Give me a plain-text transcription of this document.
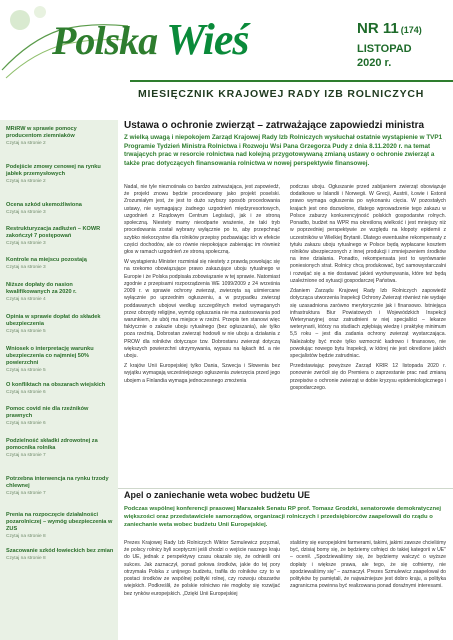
Polska Wieś	NR 11 (174)
LISTOPAD
2020 r.
MIESIĘCZNIK KRAJOWEJ RADY IZB ROLNICZYCH
MRiRW w sprawie pomocy producentom ziemniaków
Czytaj na stronie 2
Podejście zmowy cenowej na rynku jabłek przemysłowych
Czytaj na stronie 2
Ocena szkód ukemożliwiona
Czytaj na stronie 3
Restrukturyzacja zadłużeń – KOWR zakończył 7 postępowań
Czytaj na stronie 3
Kontrole na miejscu pozostają
Czytaj na stronie 3
Niższe dopłaty do nasion kwalifikowanych za 2020 r.
Czytaj na stronie 4
Opinia w sprawie dopłat do składek ubezpieczenia
Czytaj na stronie 5
Wniosek o interpretację warunku ubezpieczenia co najmniej 50% powierzchni
Czytaj na stronie 5
O konfliktach na obszarach wiejskich
Czytaj na stronie 6
Pomoc covid nie dla rzeźników prawnych
Czytaj na stronie 6
Podzielność składki zdrowotnej za pomocnika rolnika
Czytaj na stronie 7
Potrzebna interwencja na rynku trzody chlewnej
Czytaj na stronie 7
Prenia na rozpoczęcie działalności pozarolniczej – wymóg ubezpieczenia w ZUS
Czytaj na stronie 8
Szacowanie szkód łowieckich bez zmian
Czytaj na stronie 8
Ustawa o ochronie zwierząt – zatrważające zapowiedzi ministra
Z wielką uwagą i niepokojem Zarząd Krajowej Rady Izb Rolniczych wysłuchał ostatnie wystąpienie w TVP1 Programie Tydzień Ministra Rolnictwa i Rozwoju Wsi Pana Grzegorza Pudy z dnia 8.11.2020 r. na temat trwających prac w resorcie rolnictwa nad kolejną przygotowywaną zmianą ustawy o ochronie zwierząt a także prac dotyczących finansowania rolnictwa w nowej perspektywie finansowej.

Nadal, nie tyle nieznośnała co bardzo zatrważająca, jest zapowiedź, że projekt znowu będzie procedowany jako projekt poselski. Zrozumiałym jest, że jest to dużo szybszy sposób procedowania ustawy, nie wymagający żadnego uzgodnień międzyresortowych, uzgodnień z Rządowym Centrum Legislacji, jak i ze stroną społeczną. Niestety mamy nieodparte wrażenie, że taki tryb procedowania został wybrany wyłącznie po to, aby przepchnąć szybko niekorzystne dla rolników przepisy pozbawiając ich w efekcie części dochodów, ale co równie niepokojące zabierając im również głos w ramach uzgodnień ze stroną społeczną.

W wystąpieniu Minister rozminiał się niestety z prawdą powołując się na rzekomo obowiązujące prawo zakazujące uboju rytualnego w Europie i że Polska podpisała zobowiązanie w tej sprawie. Natomiast zgodnie z przepisami rozporządzenia WE 1099/2009 z 24 września 2009 r. w sprawie ochrony zwierząt, zwierzęta są uśmiercane wyłącznie po uprzednim ogłuszeniu, a w przypadku zwierząt poddawanych ubojowi według szczególnych metod wymaganych przez obrzędy religijne, wymóg ogłuszania nie ma zastosowania pod warunkiem, że ubój ma miejsce w rzeźni. Przepis ten stanowi więc faktycznie o zakazie uboju rytualnego (bez ogłuszania), ale tylko poza rzeźnią. Dobrostan zwierząt hodowli w nie uboju a działania z PROW dla rolników dotyczące tzw. Dobrostanu zwierząt dotyczą większych powierzchni utrzymywania, wypasu na łąkach itd. a nie uboju.

Z krajów Unii Europejskiej tylko Dania, Szwecja i Słowenia bez wyjątku wymagają wcześniejszego ogłuszenia zwierzęcia przed jego ubojem a Finlandia wymaga jednoczesnego zmożenia

podczas uboju. Ogłuszanie przed zabijaniem zwierząt obowiązuje dodatkowo w Islandii i Norwegii. W Grecji, Austrii, Łowie i Estonii prawo wymaga ogłuszenia po wykonaniu cięcia. W pozostałych krajach jest ono dozwolone, dlatego wprowadzenie tego zakazu w Polsce zaburzy konkurencyjność polskich gospodarstw rolnych. Ponadto, budżet na WPR ma określoną wielkość i jest mniejszy niż w poprzedniej perspektywie ze względu na kłopoty epidemii z uczestników w Wielkiej Brytanii. Dlatego ewentualne rekompensaty z tytułu zakazu uboju rytualnego w Polsce będą wypłacane kosztem rolników ubezpieczonych z innej produkcji i zmniejszeniem środków na inne działania. Ponadto, rekompensata jest to wyrównanie poniesionych strat. Rolnicy chcą produkować, być samowystarczalni i rozwijać się a nie dostawać jakieś wyrównywania, które też będą uzależnione od sytuacji gospodarczej Państwa.

Zdaniem Zarządu Krajowej Rady Izb Rolniczych zapowiedź dotycząca utworzenia Inspekcji Ochrony Zwierząt również nie wydaje się uzasadniona zarówno merytorycznie jak i finansowo. Istniejąca infrastruktura Biur Powiatowych i Wojewódzkich Inspekcji Weterynaryjnej oraz zatrudnieni w niej specjaliści – lekarze weterynarii, którzy na studiach zgłębiają wiedzę i praktykę minimum 5,5 roku – jest dla zadania ochrony zwierząt wystarczająca. Należałoby być może tylko wzmocnić kadrowo i finansowo, nie powołując nowego bytu Inspekcji, w której nie jest określone jakich specjalistów będzie zatrudniac.

Przedstawiając powyższe Zarząd KRIR 12 listopada 2020 r. ponownie zwrócił się do Premiera o zaprzestanie prac nad zmianą przepisów o ochronie zwierząt w dobie kryzysu epidemiologicznego i gospodarczego.

Apel o zaniechanie weta wobec budżetu UE
Podczas wspólnej konferencji prasowej Marszałek Senatu RP prof. Tomasz Grodzki, senatorowie demokratycznej większości oraz przedstawiciele samorządów, organizacji rolniczych i przedsiębiorców zaapelowali do rządu o zaniechanie weta wobec budżetu Unii Europejskiej.
Prezes Krajowej Rady Izb Rolniczych Wiktor Szmulewicz przyznał, że polscy rolnicy byli sceptyczni jeśli chodzi o wejście naszego kraju do UE, jednak z perspektywy czasu okazało się, że odnieśli oni sukces. Jak zaznaczył, ponad połowa środków, jakie do tej pory otrzymała Polska z unijnego budżetu, trafiła do rolników czy to w postaci środków ze wspólnej polityki rolnej, czy rozwoju obszarów wiejskich. Podkreślił, że polskie rolnictwo nie mogłoby się rozwijać bez rynków europejskich. „Dzięki Unii Europejskiej
staliśmy się europejskimi farmerami, takimi, jakimi zawsze chcieliśmy być, dzisiaj bomy się, że będziemy cofnięci do takiej kategorii w UE" – ocenił. „Spodziewaliśmy się, że będziemy walczyć o wyższe dopłaty i większe prawa, ale tego, że się cofniemy, nie spodziewaliśmy się" – zaznaczył. Prezes Szmulewicz zaapelował do polityków by pamiętali, że najważniejsze jest dobro kraju, a polityka zagraniczna powinna być realizowana ponad doraźnymi interesami.
